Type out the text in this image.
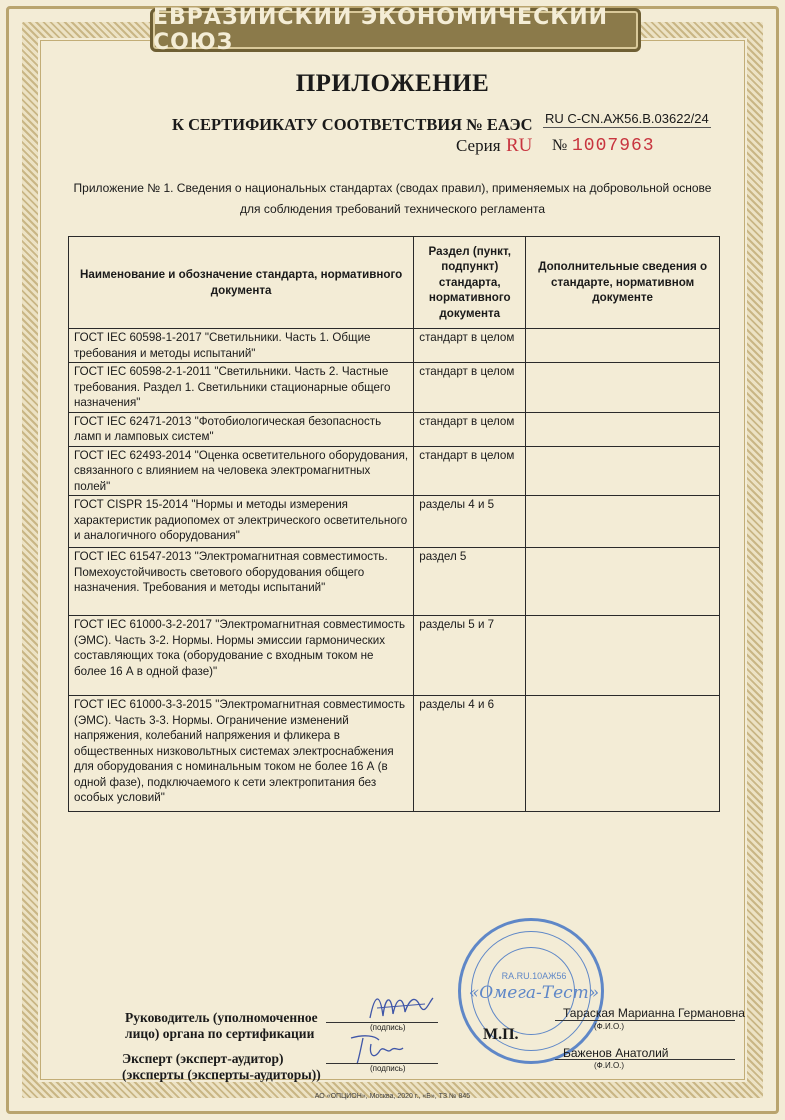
ЕВРАЗИЙСКИЙ ЭКОНОМИЧЕСКИЙ СОЮЗ
ПРИЛОЖЕНИЕ
К СЕРТИФИКАТУ СООТВЕТСТВИЯ № ЕАЭС RU C-CN.АЖ56.В.03622/24
Серия RU № 1007963
Приложение № 1. Сведения о национальных стандартах (сводах правил), применяемых на добровольной основе
для соблюдения требований технического регламента
Наименование и обозначение стандарта, нормативного документа	Раздел (пункт, подпункт) стандарта, нормативного документа	Дополнительные сведения о стандарте, нормативном документе
ГОСТ IEC 60598-1-2017 "Светильники. Часть 1. Общие требования и методы испытаний"	стандарт в целом	
ГОСТ IEC 60598-2-1-2011 "Светильники. Часть 2. Частные требования. Раздел 1. Светильники стационарные общего назначения"	стандарт в целом	
ГОСТ IEC 62471-2013 "Фотобиологическая безопасность ламп и ламповых систем"	стандарт в целом	
ГОСТ IEC 62493-2014 "Оценка осветительного оборудования, связанного с влиянием на человека электромагнитных полей"	стандарт в целом	
ГОСТ CISPR 15-2014 "Нормы и методы измерения характеристик радиопомех от электрического осветительного и аналогичного оборудования"	разделы 4 и 5	
ГОСТ IEC 61547-2013 "Электромагнитная совместимость. Помехоустойчивость светового оборудования общего назначения. Требования и методы испытаний"	раздел 5	
ГОСТ IEC 61000-3-2-2017 "Электромагнитная совместимость (ЭМС). Часть 3-2. Нормы. Нормы эмиссии гармонических составляющих тока (оборудование с входным током не более 16 А в одной фазе)"	разделы 5 и 7	
ГОСТ IEC 61000-3-3-2015 "Электромагнитная совместимость (ЭМС). Часть 3-3. Нормы. Ограничение изменений напряжения, колебаний напряжения и фликера в общественных низковольтных системах электроснабжения для оборудования с номинальным током не более 16 А (в одной фазе), подключаемого к сети электропитания без особых условий"	разделы 4 и 6	
RA.RU.10АЖ56
«Омега-Тест»
М.П.
Руководитель (уполномоченное
лицо) органа по сертификации
Эксперт (эксперт-аудитор)
(эксперты (эксперты-аудиторы))
(подпись)
(подпись)
Тараская Марианна Германовна
Баженов Анатолий
(Ф.И.О.)
(Ф.И.О.)
АО «ОПЦИОН», Москва, 2020 г., «Б», ТЗ № 845
